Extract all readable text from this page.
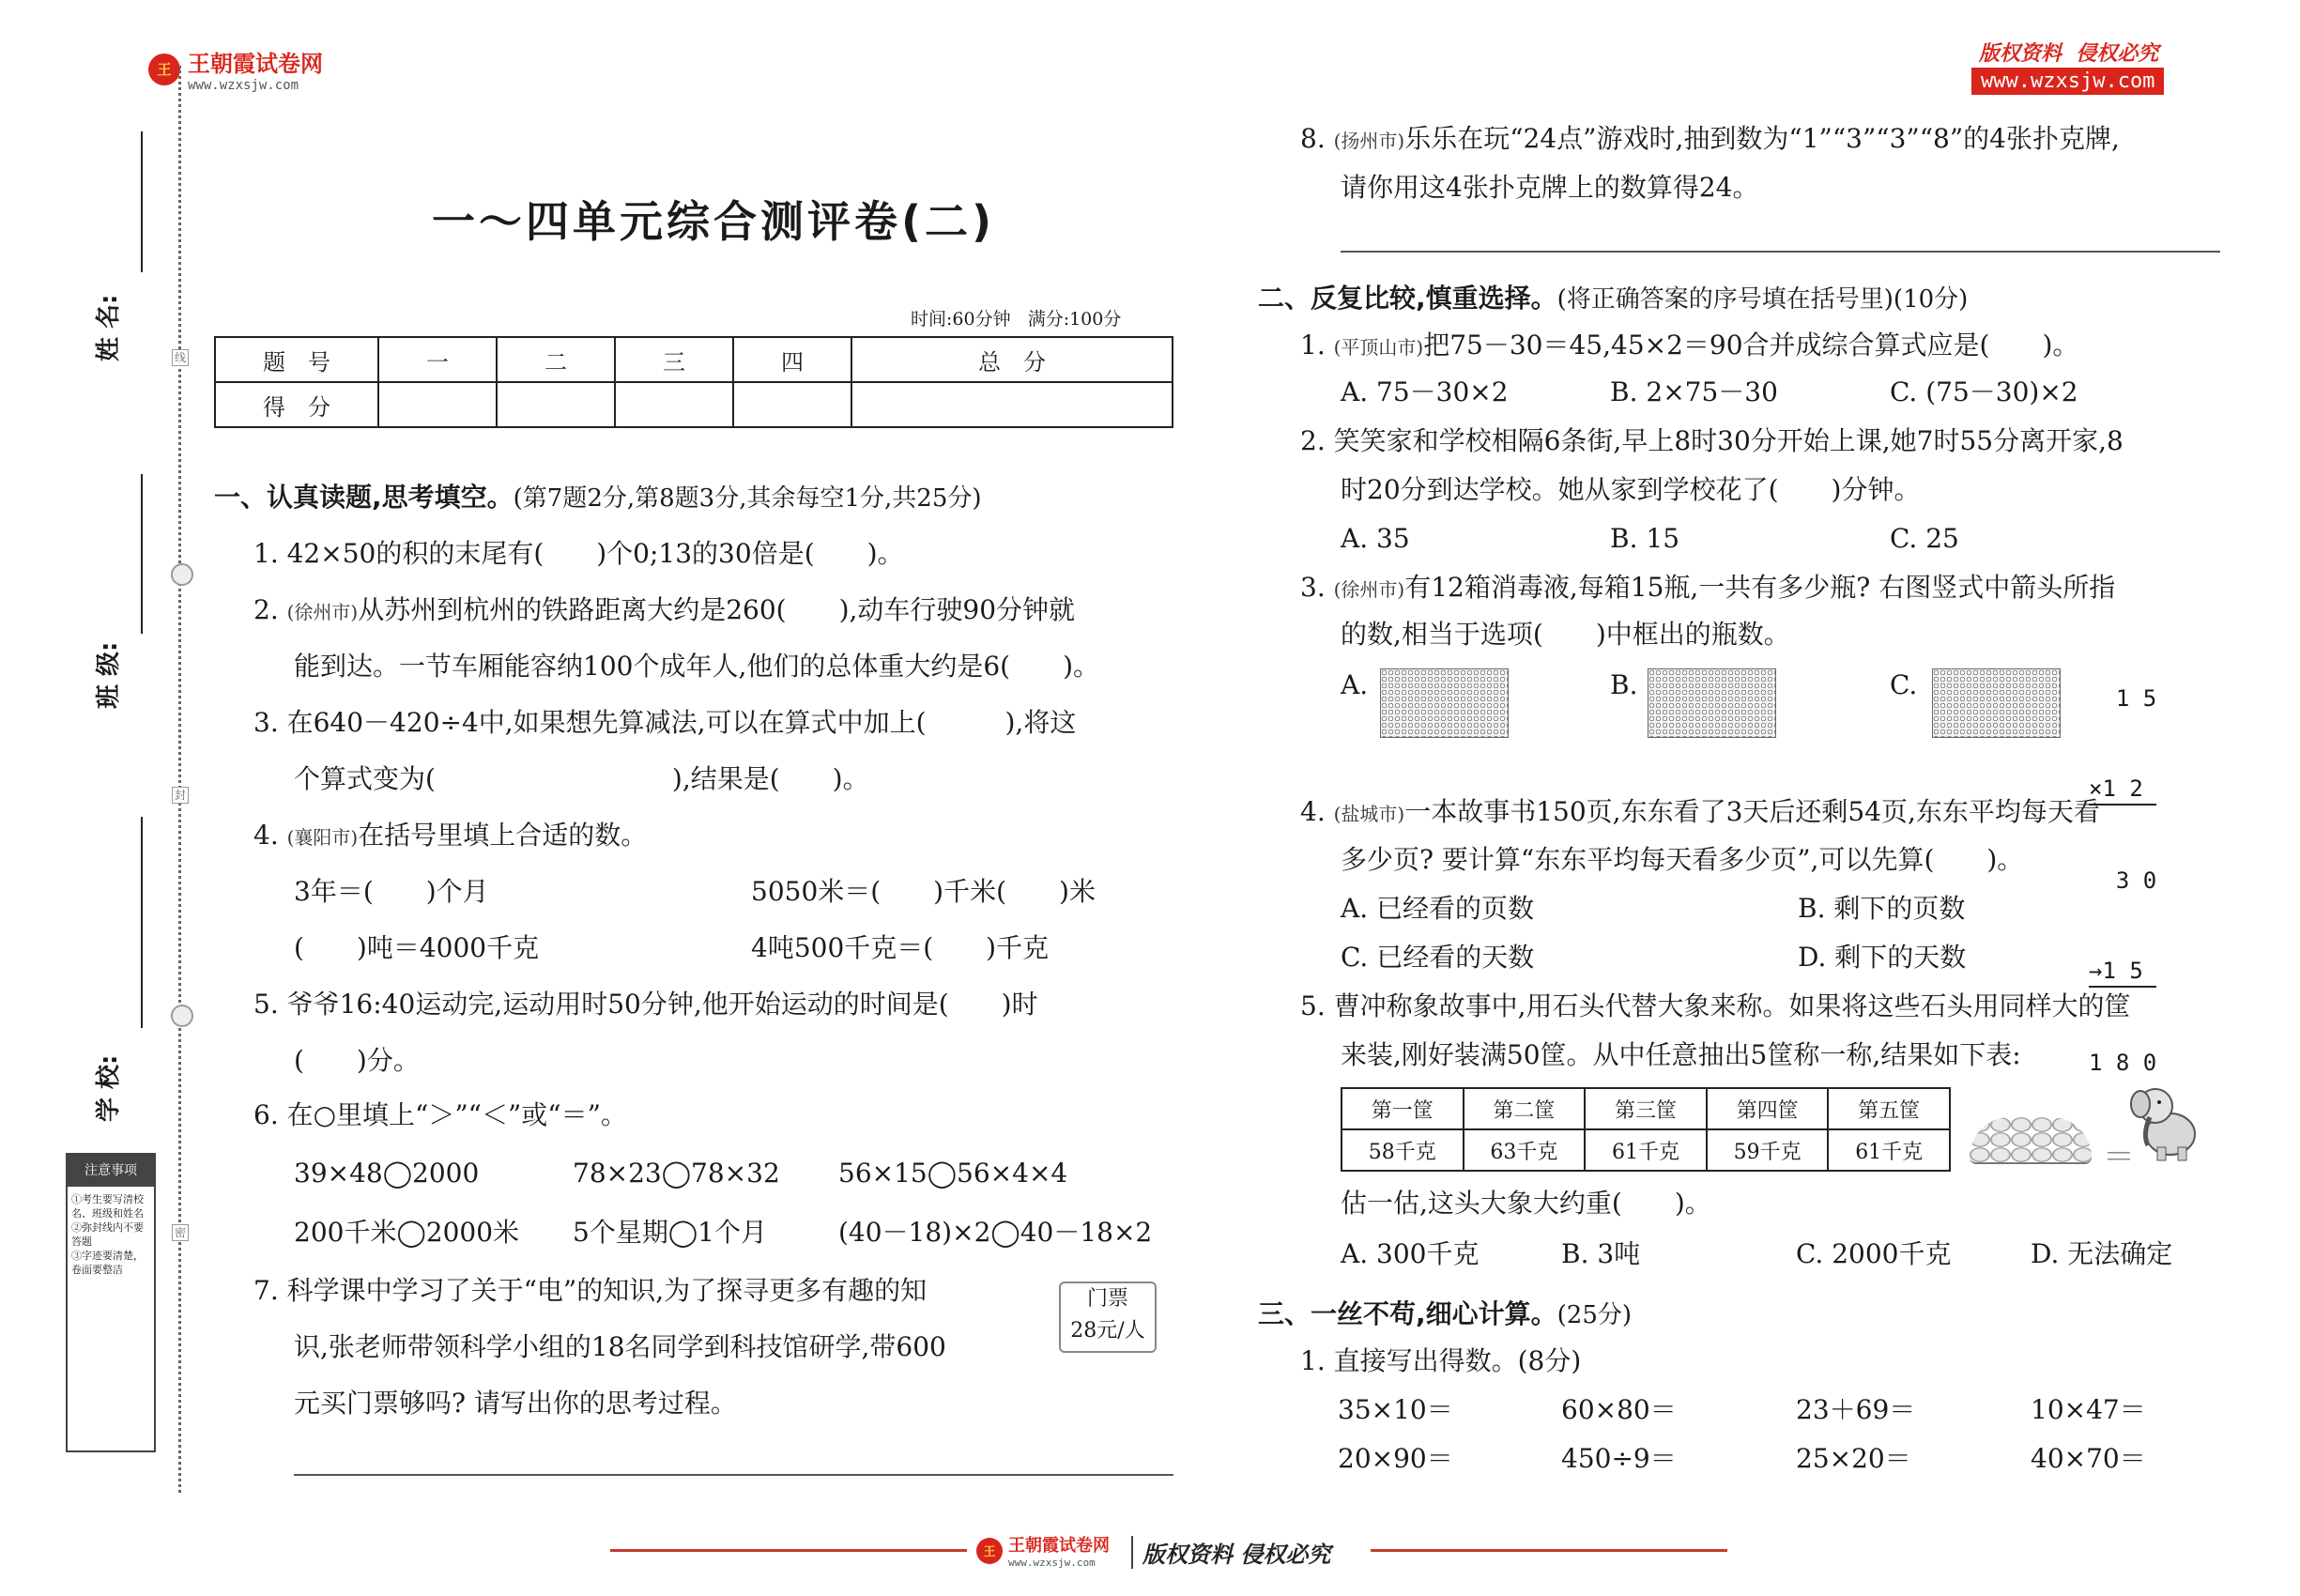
王 王朝霞试卷网
www.wzxsjw.com
版权资料  侵权必究
www.wzxsjw.com
线
封
密
姓 名:
班 级:
学 校:
注意事项
①考生要写清校名、班级和姓名
②弥封线内不要答题
③字迹要清楚，卷面要整洁
一～四单元综合测评卷(二)
时间:60分钟   满分:100分
题　号	一	二	三	四	总　分
得　分					
一、认真读题,思考填空。(第7题2分,第8题3分,其余每空1分,共25分)
1. 42×50的积的末尾有(　　)个0;13的30倍是(　　)。
2. (徐州市)从苏州到杭州的铁路距离大约是260(　　),动车行驶90分钟就
能到达。一节车厢能容纳100个成年人,他们的总体重大约是6(　　)。
3. 在640－420÷4中,如果想先算减法,可以在算式中加上(　　　),将这
个算式变为(　　　　　　　　　),结果是(　　)。
4. (襄阳市)在括号里填上合适的数。
3年＝(　　)个月	5050米＝(　　)千米(　　)米
(　　)吨＝4000千克	4吨500千克＝(　　)千克
5. 爷爷16:40运动完,运动用时50分钟,他开始运动的时间是(　　)时
(　　)分。
6. 在○里填上“＞”“＜”或“＝”。
39×48◯2000	78×23◯78×32 56×15◯56×4×4
200千米◯2000米 5个星期◯1个月	(40－18)×2◯40－18×2
7. 科学课中学习了关于“电”的知识,为了探寻更多有趣的知
识,张老师带领科学小组的18名同学到科技馆研学,带600
元买门票够吗? 请写出你的思考过程。
门票
28元/人
8. (扬州市)乐乐在玩“24点”游戏时,抽到数为“1”“3”“3”“8”的4张扑克牌,
请你用这4张扑克牌上的数算得24。
二、反复比较,慎重选择。(将正确答案的序号填在括号里)(10分)
1. (平顶山市)把75－30＝45,45×2＝90合并成综合算式应是(　　)。
A. 75－30×2	B. 2×75－30	C. (75－30)×2
2. 笑笑家和学校相隔6条街,早上8时30分开始上课,她7时55分离开家,8
时20分到达学校。她从家到学校花了(　　)分钟。
A. 35	B. 15	C. 25
3. (徐州市)有12箱消毒液,每箱15瓶,一共有多少瓶? 右图竖式中箭头所指
的数,相当于选项(　　)中框出的瓶数。
A.	B.	C.

	1 5

×1 2

3 0

→1 5

1 8 0

4. (盐城市)一本故事书150页,东东看了3天后还剩54页,东东平均每天看
多少页? 要计算“东东平均每天看多少页”,可以先算(　　)。
A. 已经看的页数	B. 剩下的页数
C. 已经看的天数	D. 剩下的天数
5. 曹冲称象故事中,用石头代替大象来称。如果将这些石头用同样大的筐
来装,刚好装满50筐。从中任意抽出5筐称一称,结果如下表:
第一筐	第二筐	第三筐	第四筐	第五筐
58千克	63千克	61千克	59千克	61千克	＝
估一估,这头大象大约重(　　)。
A. 300千克	B. 3吨	C. 2000千克	D. 无法确定
三、一丝不苟,细心计算。(25分)
1. 直接写出得数。(8分)
35×10＝	60×80＝	23＋69＝	10×47＝
20×90＝	450÷9＝	25×20＝	40×70＝
王 王朝霞试卷网
www.wzxsjw.com	版权资料 侵权必究
